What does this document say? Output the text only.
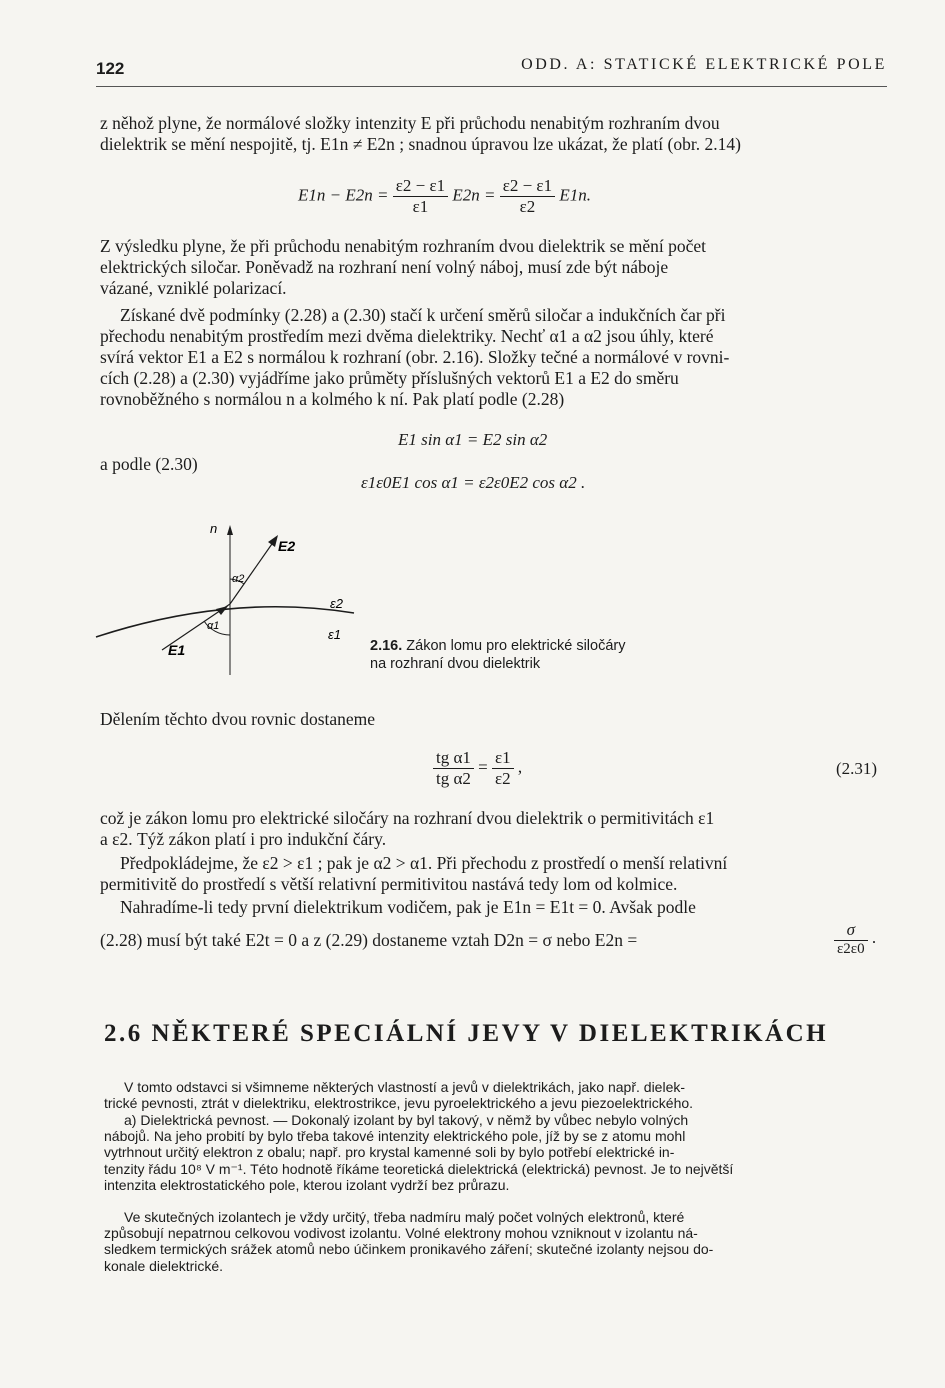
122	ODD. A: STATICKÉ ELEKTRICKÉ POLE

z něhož plyne, že normálové složky intenzity E při průchodu nenabitým rozhraním dvou
dielektrik se mění nespojitě, tj. E1n ≠ E2n ; snadnou úpravou lze ukázat, že platí (obr. 2.14)

$E1n - E2n = \frac{\varepsilon 2 - \varepsilon 1}{\varepsilon 1} E2n = \frac{\varepsilon 2 - \varepsilon 1}{\varepsilon 2} E1n$.

Z výsledku plyne, že při průchodu nenabitým rozhraním dvou dielektrik se mění počet
elektrických siločar. Poněvadž na rozhraní není volný náboj, musí zde být náboje
vázané, vzniklé polarizací.

Získané dvě podmínky (2.28) a (2.30) stačí k určení směrů siločar a indukčních čar při
přechodu nenabitým prostředím mezi dvěma dielektriky. Nechť α1 a α2 jsou úhly, které
svírá vektor E1 a E2 s normálou k rozhraní (obr. 2.16). Složky tečné a normálové v rovni-
cích (2.28) a (2.30) vyjádříme jako průměty příslušných vektorů E1 a E2 do směru
rovnoběžného s normálou n a kolmého k ní. Pak platí podle (2.28)

E1 sin α1 = E2 sin α2
a podle (2.30)
ε1ε0E1 cos α1 = ε2ε0E2 cos α2 .
n
E2
E1
α2
α1
ε2
ε1
2.16. Zákon lomu pro elektrické siločáry
na rozhraní dvou dielektrik
Dělením těchto dvou rovnic dostaneme
$\frac{\text{tg α1}}{\text{tg α2}} = \frac{\varepsilon 1}{\varepsilon 2}$ ,	(2.31)

což je zákon lomu pro elektrické siločáry na rozhraní dvou dielektrik o permitivitách ε1
a ε2. Týž zákon platí i pro indukční čáry.

Předpokládejme, že ε2 > ε1 ; pak je α2 > α1. Při přechodu z prostředí o menší relativní
permitivitě do prostředí s větší relativní permitivitou nastává tedy lom od kolmice.

Nahradíme-li tedy první dielektrikum vodičem, pak je E1n = E1t = 0. Avšak podle
(2.28) musí být také E2t = 0 a z (2.29) dostaneme vztah D2n = σ nebo E2n =	$\frac{\sigma}{\varepsilon 2\varepsilon 0}$ .
2.6 NĚKTERÉ SPECIÁLNÍ JEVY V DIELEKTRIKÁCH

V tomto odstavci si všimneme některých vlastností a jevů v dielektrikách, jako např. dielek-
trické pevnosti, ztrát v dielektriku, elektrostrikce, jevu pyroelektrického a jevu piezoelektrického.

a) Dielektrická pevnost. — Dokonalý izolant by byl takový, v němž by vůbec nebylo volných
nábojů. Na jeho probití by bylo třeba takové intenzity elektrického pole, jíž by se z atomu mohl
vytrhnout určitý elektron z obalu; např. pro krystal kamenné soli by bylo potřebí elektrické in-
tenzity řádu 10⁸ V m⁻¹. Této hodnotě říkáme teoretická dielektrická (elektrická) pevnost. Je to největší
intenzita elektrostatického pole, kterou izolant vydrží bez průrazu.

Ve skutečných izolantech je vždy určitý, třeba nadmíru malý počet volných elektronů, které
způsobují nepatrnou celkovou vodivost izolantu. Volné elektrony mohou vzniknout v izolantu ná-
sledkem termických srážek atomů nebo účinkem pronikavého záření; skutečné izolanty nejsou do-
konale dielektrické.
